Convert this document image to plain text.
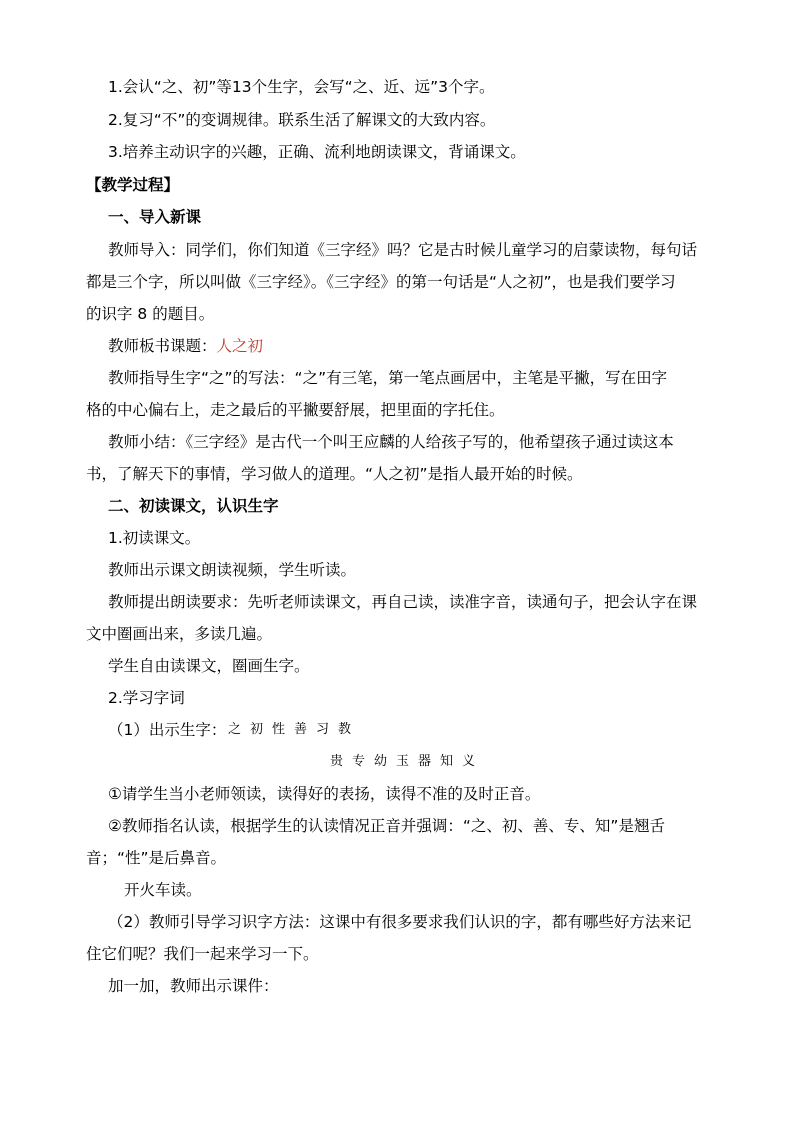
1.会认“之、初”等13个生字，会写“之、近、远”3个字。
2.复习“不”的变调规律。联系生活了解课文的大致内容。
3.培养主动识字的兴趣，正确、流利地朗读课文，背诵课文。
【教学过程】
一、导入新课
教师导入：同学们，你们知道《三字经》吗？它是古时候儿童学习的启蒙读物，每句话
都是三个字，所以叫做《三字经》。《三字经》的第一句话是“人之初”，也是我们要学习
的识字 8 的题目。
教师板书课题：人之初
教师指导生字“之”的写法：“之”有三笔，第一笔点画居中，主笔是平撇，写在田字
格的中心偏右上，走之最后的平撇要舒展，把里面的字托住。
教师小结：《三字经》是古代一个叫王应麟的人给孩子写的，他希望孩子通过读这本
书，了解天下的事情，学习做人的道理。“人之初”是指人最开始的时候。
二、初读课文，认识生字
1.初读课文。
教师出示课文朗读视频，学生听读。
教师提出朗读要求：先听老师读课文，再自己读，读准字音，读通句子，把会认字在课
文中圈画出来，多读几遍。
学生自由读课文，圈画生字。
2.学习字词
（1）出示生字： 之初性善习教
贵专幼玉器知义
①请学生当小老师领读，读得好的表扬，读得不准的及时正音。
②教师指名认读，根据学生的认读情况正音并强调：“之、初、善、专、知”是翘舌
音；“性”是后鼻音。
开火车读。
（2）教师引导学习识字方法：这课中有很多要求我们认识的字，都有哪些好方法来记
住它们呢？我们一起来学习一下。
加一加，教师出示课件：
